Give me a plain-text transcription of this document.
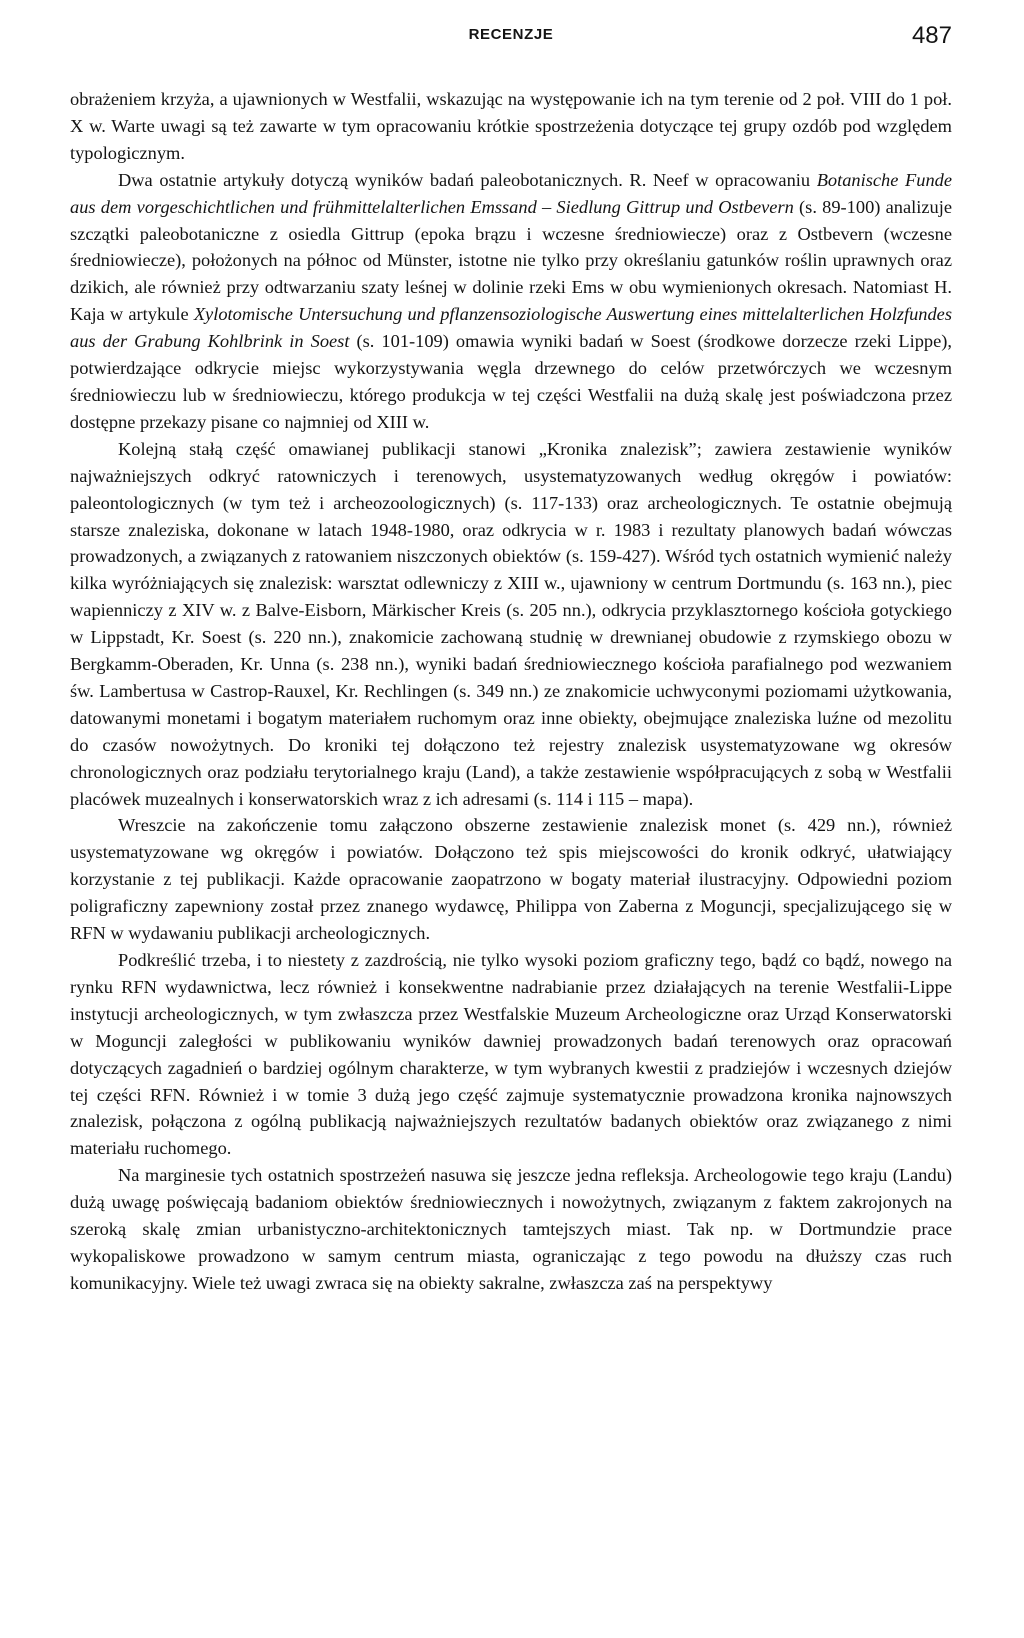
RECENZJE	487

obrażeniem krzyża, a ujawnionych w Westfalii, wskazując na występowanie ich na tym terenie od 2 poł. VIII do 1 poł. X w. Warte uwagi są też zawarte w tym opracowaniu krótkie spostrzeżenia dotyczące tej grupy ozdób pod względem typologicznym.

Dwa ostatnie artykuły dotyczą wyników badań paleobotanicznych. R. Neef w opracowaniu Botanische Funde aus dem vorgeschichtlichen und frühmittelalterlichen Emssand – Siedlung Gittrup und Ostbevern (s. 89-100) analizuje szczątki paleobotaniczne z osiedla Gittrup (epoka brązu i wczesne średniowiecze) oraz z Ostbevern (wczesne średniowiecze), położonych na północ od Münster, istotne nie tylko przy określaniu gatunków roślin uprawnych oraz dzikich, ale również przy odtwarzaniu szaty leśnej w dolinie rzeki Ems w obu wymienionych okresach. Natomiast H. Kaja w artykule Xylotomische Untersuchung und pflanzensoziologische Auswertung eines mittelalterlichen Holzfundes aus der Grabung Kohlbrink in Soest (s. 101-109) omawia wyniki badań w Soest (środkowe dorzecze rzeki Lippe), potwierdzające odkrycie miejsc wykorzystywania węgla drzewnego do celów przetwórczych we wczesnym średniowieczu lub w średniowieczu, którego produkcja w tej części Westfalii na dużą skalę jest poświadczona przez dostępne przekazy pisane co najmniej od XIII w.

Kolejną stałą część omawianej publikacji stanowi „Kronika znalezisk”; zawiera zestawienie wyników najważniejszych odkryć ratowniczych i terenowych, usystematyzowanych według okręgów i powiatów: paleontologicznych (w tym też i archeozoologicznych) (s. 117-133) oraz archeologicznych. Te ostatnie obejmują starsze znaleziska, dokonane w latach 1948-1980, oraz odkrycia w r. 1983 i rezultaty planowych badań wówczas prowadzonych, a związanych z ratowaniem niszczonych obiektów (s. 159-427). Wśród tych ostatnich wymienić należy kilka wyróżniających się znalezisk: warsztat odlewniczy z XIII w., ujawniony w centrum Dortmundu (s. 163 nn.), piec wapienniczy z XIV w. z Balve-Eisborn, Märkischer Kreis (s. 205 nn.), odkrycia przyklasztornego kościoła gotyckiego w Lippstadt, Kr. Soest (s. 220 nn.), znakomicie zachowaną studnię w drewnianej obudowie z rzymskiego obozu w Bergkamm-Oberaden, Kr. Unna (s. 238 nn.), wyniki badań średniowiecznego kościoła parafialnego pod wezwaniem św. Lambertusa w Castrop-Rauxel, Kr. Rechlingen (s. 349 nn.) ze znakomicie uchwyconymi poziomami użytkowania, datowanymi monetami i bogatym materiałem ruchomym oraz inne obiekty, obejmujące znaleziska luźne od mezolitu do czasów nowożytnych. Do kroniki tej dołączono też rejestry znalezisk usystematyzowane wg okresów chronologicznych oraz podziału terytorialnego kraju (Land), a także zestawienie współpracujących z sobą w Westfalii placówek muzealnych i konserwatorskich wraz z ich adresami (s. 114 i 115 – mapa).

Wreszcie na zakończenie tomu załączono obszerne zestawienie znalezisk monet (s. 429 nn.), również usystematyzowane wg okręgów i powiatów. Dołączono też spis miejscowości do kronik odkryć, ułatwiający korzystanie z tej publikacji. Każde opracowanie zaopatrzono w bogaty materiał ilustracyjny. Odpowiedni poziom poligraficzny zapewniony został przez znanego wydawcę, Philippa von Zaberna z Moguncji, specjalizującego się w RFN w wydawaniu publikacji archeologicznych.

Podkreślić trzeba, i to niestety z zazdrością, nie tylko wysoki poziom graficzny tego, bądź co bądź, nowego na rynku RFN wydawnictwa, lecz również i konsekwentne nadrabianie przez działających na terenie Westfalii-Lippe instytucji archeologicznych, w tym zwłaszcza przez Westfalskie Muzeum Archeologiczne oraz Urząd Konserwatorski w Moguncji zaległości w publikowaniu wyników dawniej prowadzonych badań terenowych oraz opracowań dotyczących zagadnień o bardziej ogólnym charakterze, w tym wybranych kwestii z pradziejów i wczesnych dziejów tej części RFN. Również i w tomie 3 dużą jego część zajmuje systematycznie prowadzona kronika najnowszych znalezisk, połączona z ogólną publikacją najważniejszych rezultatów badanych obiektów oraz związanego z nimi materiału ruchomego.

Na marginesie tych ostatnich spostrzeżeń nasuwa się jeszcze jedna refleksja. Archeologowie tego kraju (Landu) dużą uwagę poświęcają badaniom obiektów średniowiecznych i nowożytnych, związanym z faktem zakrojonych na szeroką skalę zmian urbanistyczno-architektonicznych tamtejszych miast. Tak np. w Dortmundzie prace wykopaliskowe prowadzono w samym centrum miasta, ograniczając z tego powodu na dłuższy czas ruch komunikacyjny. Wiele też uwagi zwraca się na obiekty sakralne, zwłaszcza zaś na perspektywy
